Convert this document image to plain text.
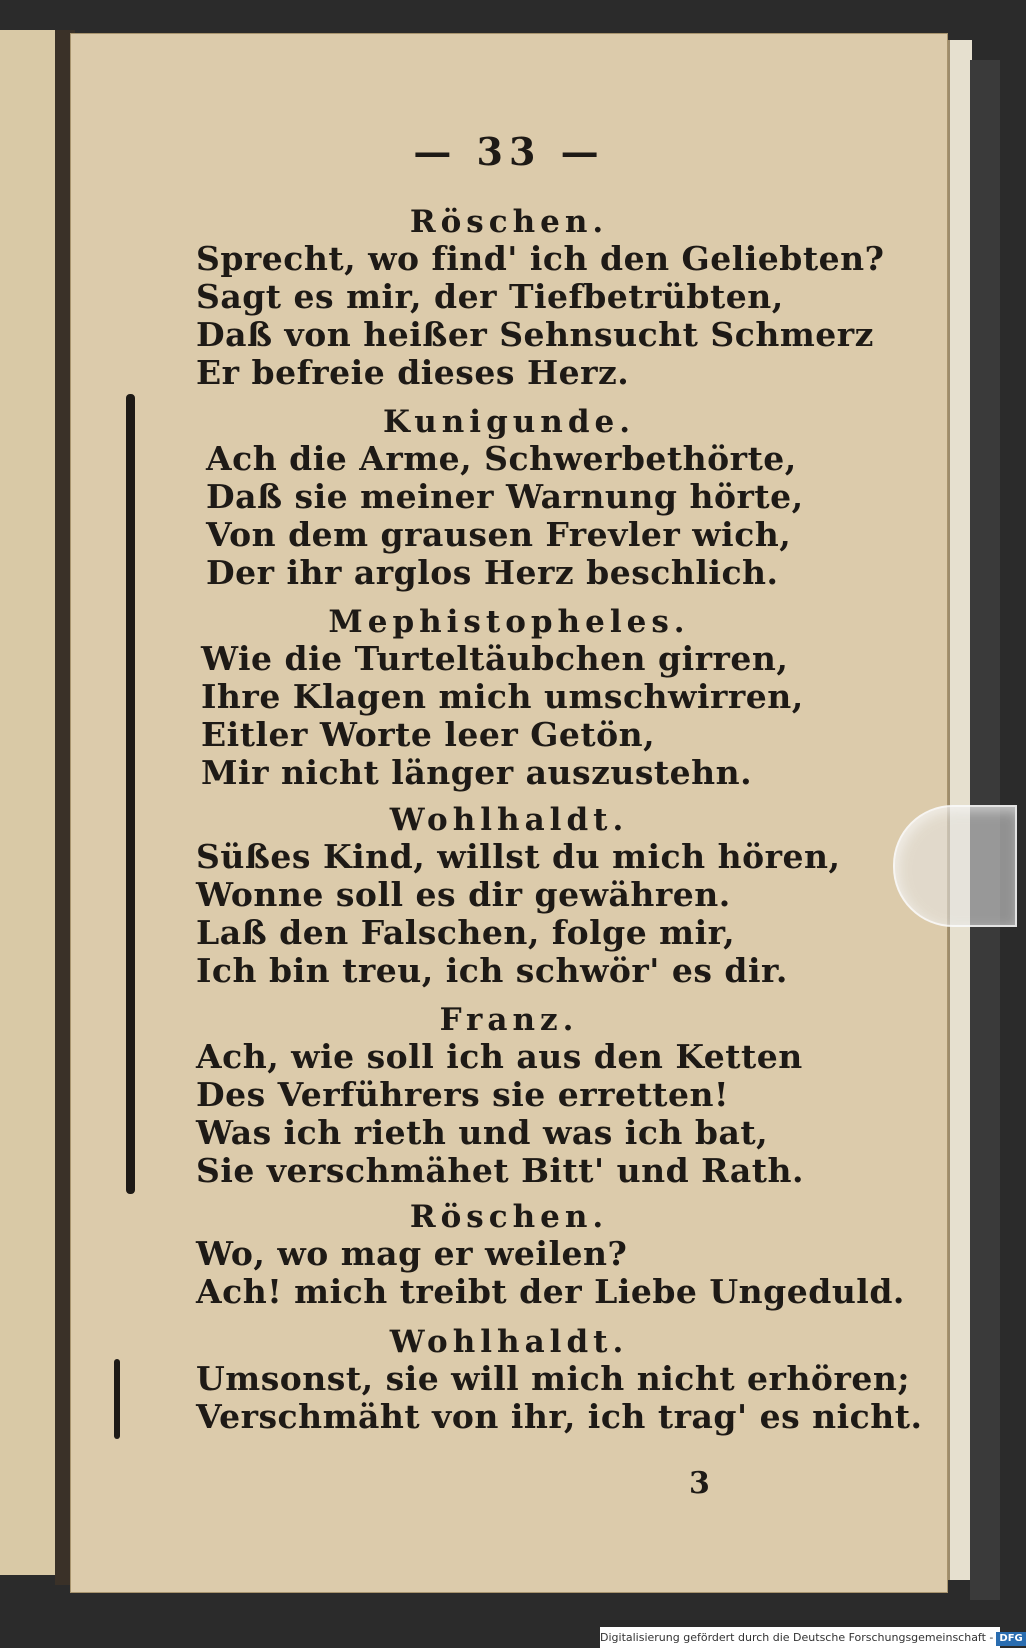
— 33 —
Röschen.
Sprecht, wo find' ich den Geliebten?
Sagt es mir, der Tiefbetrübten,
Daß von heißer Sehnsucht Schmerz
Er befreie dieses Herz.
Kunigunde.
Ach die Arme, Schwerbethörte,
Daß sie meiner Warnung hörte,
Von dem grausen Frevler wich,
Der ihr arglos Herz beschlich.
Mephistopheles.
Wie die Turteltäubchen girren,
Ihre Klagen mich umschwirren,
Eitler Worte leer Getön,
Mir nicht länger auszustehn.
Wohlhaldt.
Süßes Kind, willst du mich hören,
Wonne soll es dir gewähren.
Laß den Falschen, folge mir,
Ich bin treu, ich schwör' es dir.
Franz.
Ach, wie soll ich aus den Ketten
Des Verführers sie erretten!
Was ich rieth und was ich bat,
Sie verschmähet Bitt' und Rath.
Röschen.
Wo, wo mag er weilen?
Ach! mich treibt der Liebe Ungeduld.
Wohlhaldt.
Umsonst, sie will mich nicht erhören;
Verschmäht von ihr, ich trag' es nicht.
3
Digitalisierung gefördert durch die Deutsche Forschungsgemeinschaft - DFG
